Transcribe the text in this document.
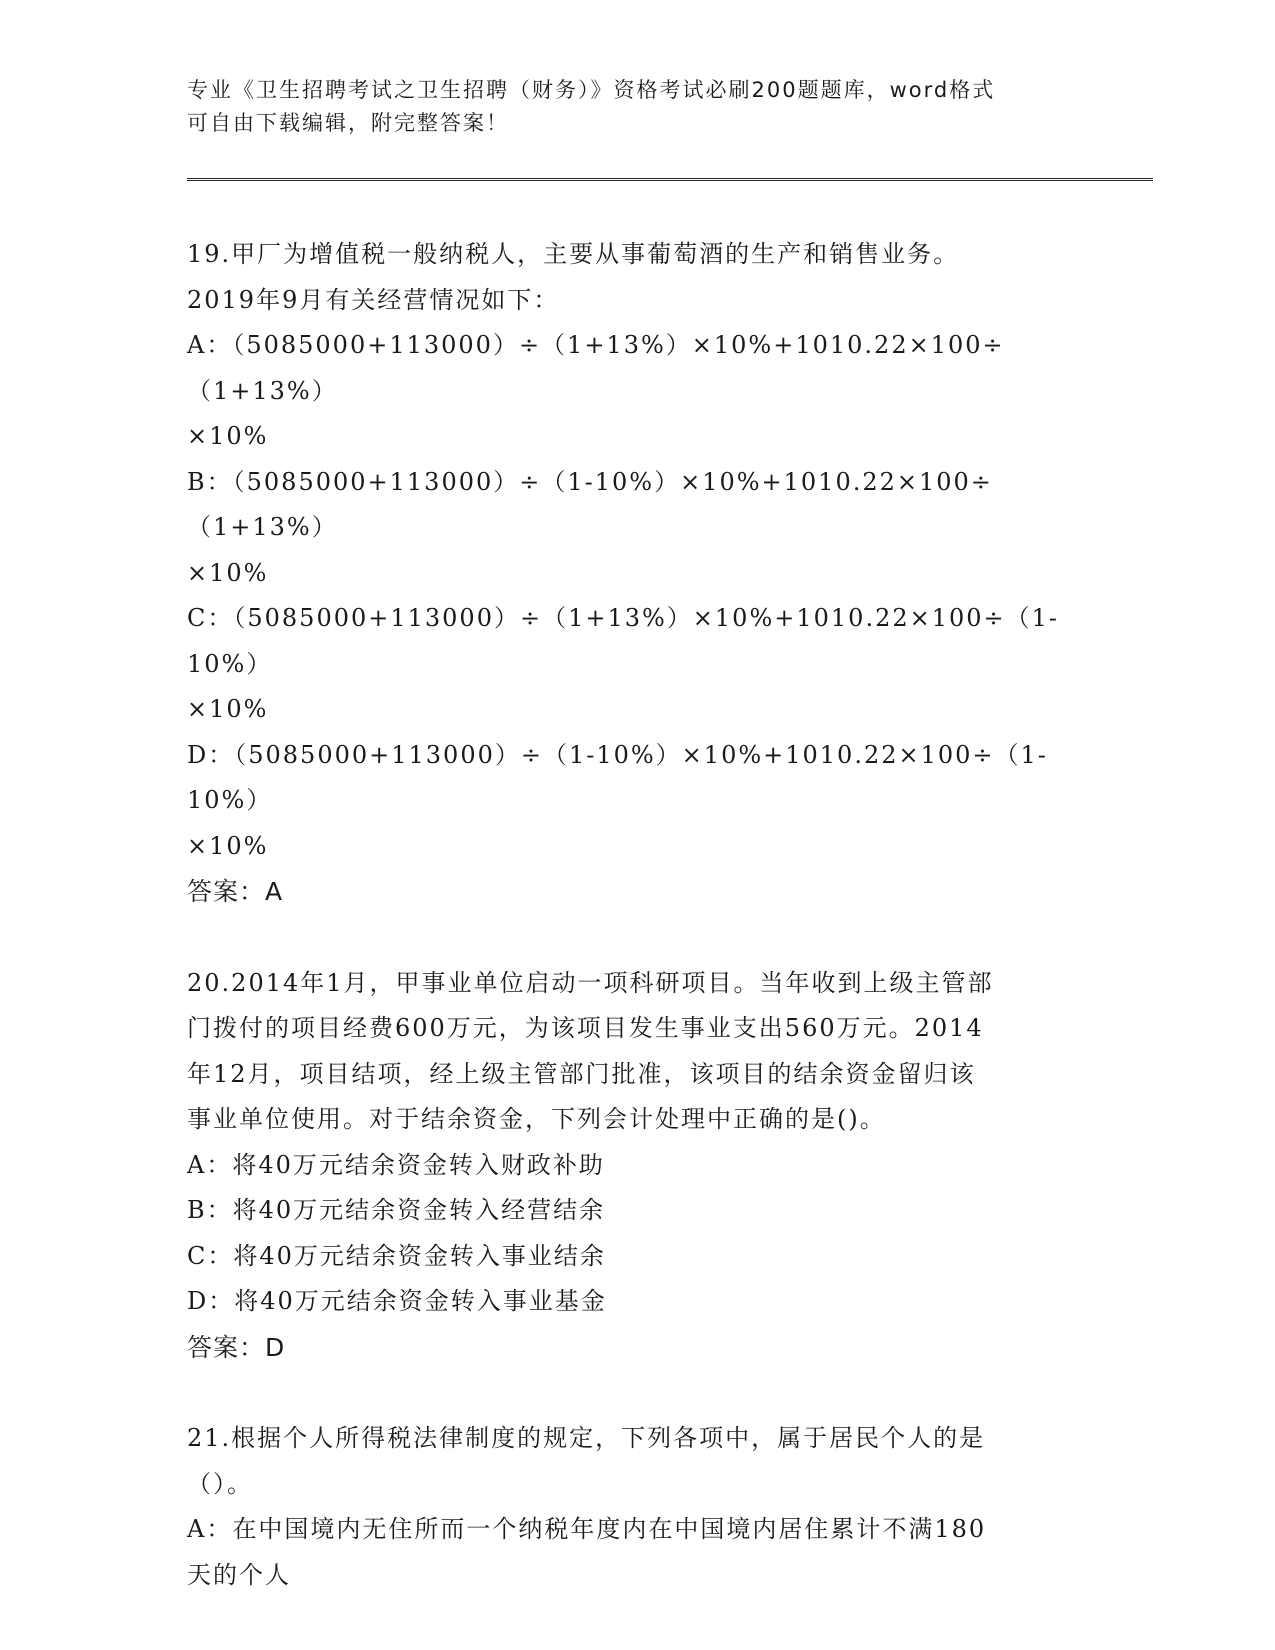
专业《卫生招聘考试之卫生招聘（财务）》资格考试必刷200题题库，word格式
可自由下载编辑，附完整答案！
19.甲厂为增值税一般纳税人，主要从事葡萄酒的生产和销售业务。
2019年9月有关经营情况如下：
A：（5085000+113000）÷（1+13%）×10%+1010.22×100÷（1+13%）
×10%
B：（5085000+113000）÷（1-10%）×10%+1010.22×100÷（1+13%）
×10%
C：（5085000+113000）÷（1+13%）×10%+1010.22×100÷（1-10%）
×10%
D：（5085000+113000）÷（1-10%）×10%+1010.22×100÷（1-10%）
×10%
答案：A
20.2014年1月，甲事业单位启动一项科研项目。当年收到上级主管部
门拨付的项目经费600万元，为该项目发生事业支出560万元。2014
年12月，项目结项，经上级主管部门批准，该项目的结余资金留归该
事业单位使用。对于结余资金，下列会计处理中正确的是()。
A：将40万元结余资金转入财政补助
B：将40万元结余资金转入经营结余
C：将40万元结余资金转入事业结余
D：将40万元结余资金转入事业基金
答案：D
21.根据个人所得税法律制度的规定，下列各项中，属于居民个人的是
（）。
A：在中国境内无住所而一个纳税年度内在中国境内居住累计不满180
天的个人
